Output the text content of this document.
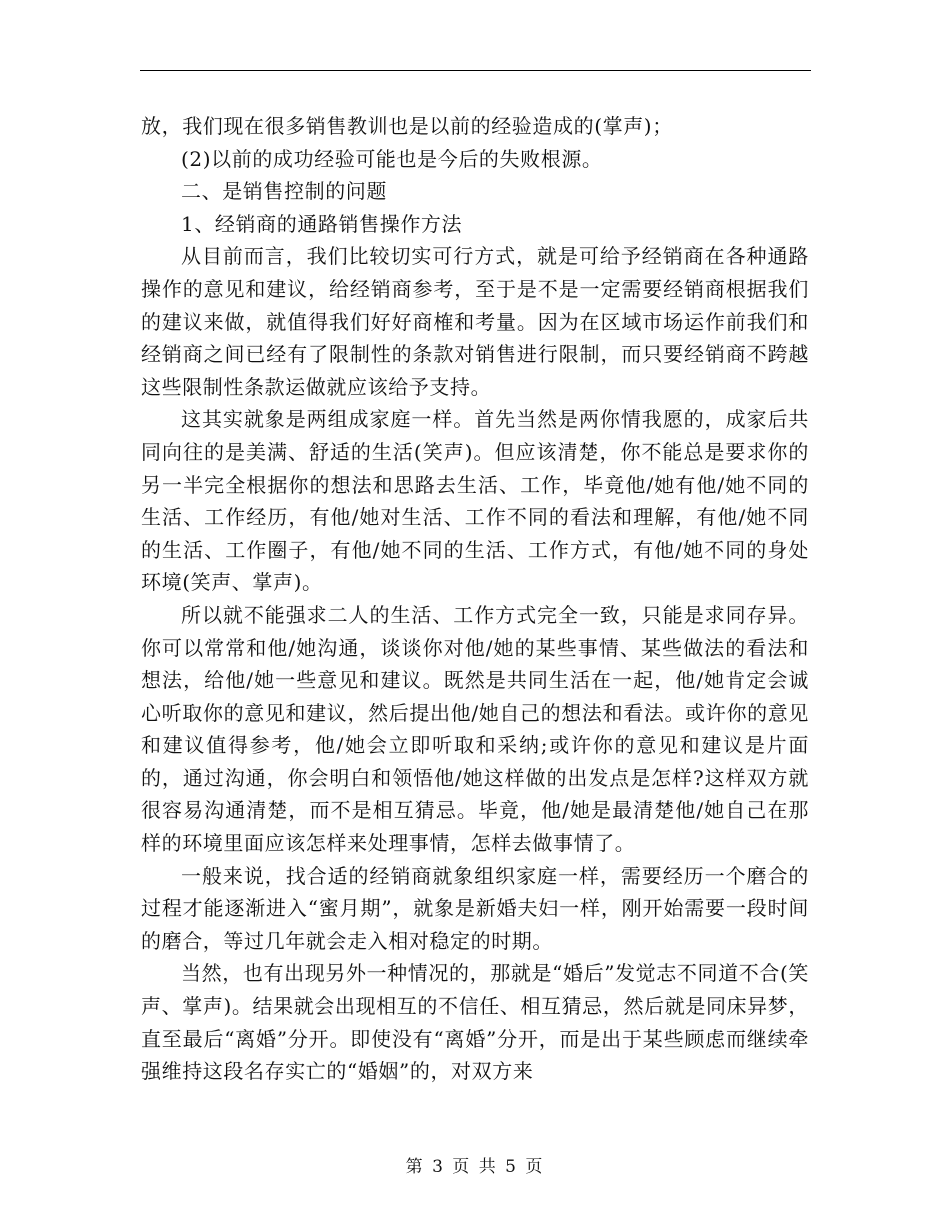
放，我们现在很多销售教训也是以前的经验造成的(掌声)；

(2)以前的成功经验可能也是今后的失败根源。

二、是销售控制的问题

1、经销商的通路销售操作方法

从目前而言，我们比较切实可行方式，就是可给予经销商在各种通路操作的意见和建议，给经销商参考，至于是不是一定需要经销商根据我们的建议来做，就值得我们好好商榷和考量。因为在区域市场运作前我们和经销商之间已经有了限制性的条款对销售进行限制，而只要经销商不跨越这些限制性条款运做就应该给予支持。

这其实就象是两组成家庭一样。首先当然是两你情我愿的，成家后共同向往的是美满、舒适的生活(笑声)。但应该清楚，你不能总是要求你的另一半完全根据你的想法和思路去生活、工作，毕竟他/她有他/她不同的生活、工作经历，有他/她对生活、工作不同的看法和理解，有他/她不同的生活、工作圈子，有他/她不同的生活、工作方式，有他/她不同的身处环境(笑声、掌声)。

所以就不能强求二人的生活、工作方式完全一致，只能是求同存异。你可以常常和他/她沟通，谈谈你对他/她的某些事情、某些做法的看法和想法，给他/她一些意见和建议。既然是共同生活在一起，他/她肯定会诚心听取你的意见和建议，然后提出他/她自己的想法和看法。或许你的意见和建议值得参考，他/她会立即听取和采纳;或许你的意见和建议是片面的，通过沟通，你会明白和领悟他/她这样做的出发点是怎样?这样双方就很容易沟通清楚，而不是相互猜忌。毕竟，他/她是最清楚他/她自己在那样的环境里面应该怎样来处理事情，怎样去做事情了。

一般来说，找合适的经销商就象组织家庭一样，需要经历一个磨合的过程才能逐渐进入“蜜月期”，就象是新婚夫妇一样，刚开始需要一段时间的磨合，等过几年就会走入相对稳定的时期。

当然，也有出现另外一种情况的，那就是“婚后”发觉志不同道不合(笑声、掌声)。结果就会出现相互的不信任、相互猜忌，然后就是同床异梦，直至最后“离婚”分开。即使没有“离婚”分开，而是出于某些顾虑而继续牵强维持这段名存实亡的“婚姻”的，对双方来

第 3 页 共 5 页
